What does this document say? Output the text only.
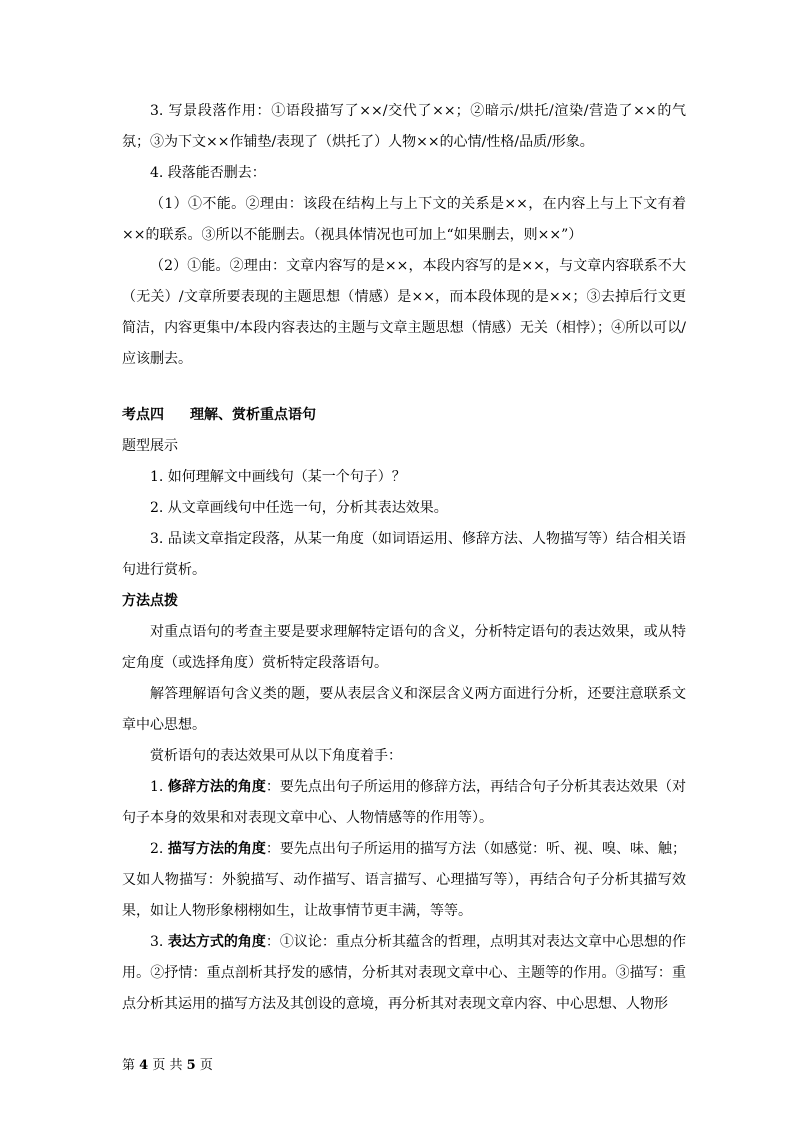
3. 写景段落作用：①语段描写了××/交代了××；②暗示/烘托/渲染/营造了××的气氛；③为下文××作铺垫/表现了（烘托了）人物××的心情/性格/品质/形象。

4. 段落能否删去：

（1）①不能。②理由：该段在结构上与上下文的关系是××，在内容上与上下文有着××的联系。③所以不能删去。（视具体情况也可加上“如果删去，则××”）

（2）①能。②理由：文章内容写的是××，本段内容写的是××，与文章内容联系不大（无关）/文章所要表现的主题思想（情感）是××，而本段体现的是××；③去掉后行文更简洁，内容更集中/本段内容表达的主题与文章主题思想（情感）无关（相悖）；④所以可以/应该删去。

考点四 理解、赏析重点语句

题型展示

1. 如何理解文中画线句（某一个句子）？

2. 从文章画线句中任选一句，分析其表达效果。

3. 品读文章指定段落，从某一角度（如词语运用、修辞方法、人物描写等）结合相关语句进行赏析。

方法点拨

对重点语句的考查主要是要求理解特定语句的含义，分析特定语句的表达效果，或从特定角度（或选择角度）赏析特定段落语句。

解答理解语句含义类的题，要从表层含义和深层含义两方面进行分析，还要注意联系文章中心思想。

赏析语句的表达效果可从以下角度着手：

1. 修辞方法的角度：要先点出句子所运用的修辞方法，再结合句子分析其表达效果（对句子本身的效果和对表现文章中心、人物情感等的作用等）。

2. 描写方法的角度：要先点出句子所运用的描写方法（如感觉：听、视、嗅、味、触；又如人物描写：外貌描写、动作描写、语言描写、心理描写等），再结合句子分析其描写效果，如让人物形象栩栩如生，让故事情节更丰满，等等。

3. 表达方式的角度：①议论：重点分析其蕴含的哲理，点明其对表达文章中心思想的作用。②抒情：重点剖析其抒发的感情，分析其对表现文章中心、主题等的作用。③描写：重点分析其运用的描写方法及其创设的意境，再分析其对表现文章内容、中心思想、人物形

第 4 页 共 5 页
